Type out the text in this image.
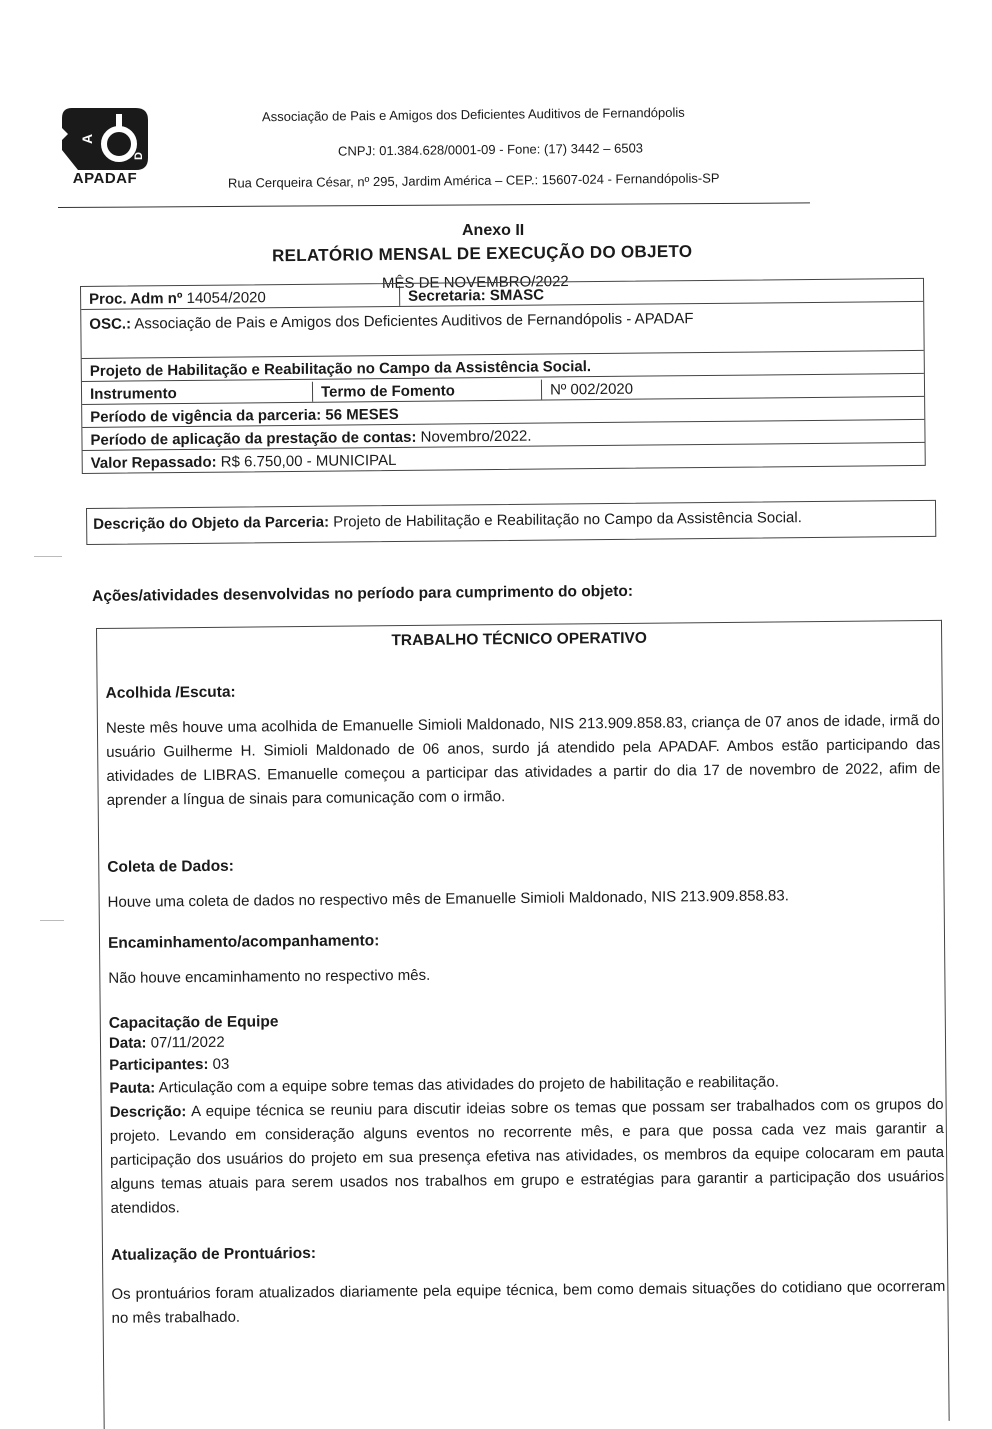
A
D
APADAF
Associação de Pais e Amigos dos Deficientes Auditivos de Fernandópolis
CNPJ: 01.384.628/0001-09 - Fone: (17) 3442 – 6503
Rua Cerqueira César, nº 295, Jardim América – CEP.: 15607-024 - Fernandópolis-SP
Anexo II
RELATÓRIO MENSAL DE EXECUÇÃO DO OBJETO
MÊS DE NOVEMBRO/2022
Proc. Adm nº 14054/2020	Secretaria: SMASC
OSC.: Associação de Pais e Amigos dos Deficientes Auditivos de Fernandópolis - APADAF
Projeto de Habilitação e Reabilitação no Campo da Assistência Social.
Instrumento	Termo de Fomento	Nº 002/2020
Período de vigência da parceria: 56 MESES
Período de aplicação da prestação de contas: Novembro/2022.
Valor Repassado: R$ 6.750,00 - MUNICIPAL
Descrição do Objeto da Parceria: Projeto de Habilitação e Reabilitação no Campo da Assistência Social.
Ações/atividades desenvolvidas no período para cumprimento do objeto:
TRABALHO TÉCNICO OPERATIVO
Acolhida /Escuta:

Neste mês houve uma acolhida de Emanuelle Simioli Maldonado, NIS 213.909.858.83, criança de 07 anos de idade, irmã do usuário Guilherme H. Simioli Maldonado de 06 anos, surdo já atendido pela APADAF. Ambos estão participando das atividades de LIBRAS. Emanuelle começou a participar das atividades a partir do dia 17 de novembro de 2022, afim de aprender a língua de sinais para comunicação com o irmão.

Coleta de Dados:

Houve uma coleta de dados no respectivo mês de Emanuelle Simioli Maldonado, NIS 213.909.858.83.

Encaminhamento/acompanhamento:

Não houve encaminhamento no respectivo mês.

Capacitação de Equipe
Data: 07/11/2022
Participantes: 03

Pauta: Articulação com a equipe sobre temas das atividades do projeto de habilitação e reabilitação.

Descrição: A equipe técnica se reuniu para discutir ideias sobre os temas que possam ser trabalhados com os grupos do projeto. Levando em consideração alguns eventos no recorrente mês, e para que possa cada vez mais garantir a participação dos usuários do projeto em sua presença efetiva nas atividades, os membros da equipe colocaram em pauta alguns temas atuais para serem usados nos trabalhos em grupo e estratégias para garantir a participação dos usuários atendidos.

Atualização de Prontuários:

Os prontuários foram atualizados diariamente pela equipe técnica, bem como demais situações do cotidiano que ocorreram no mês trabalhado.
